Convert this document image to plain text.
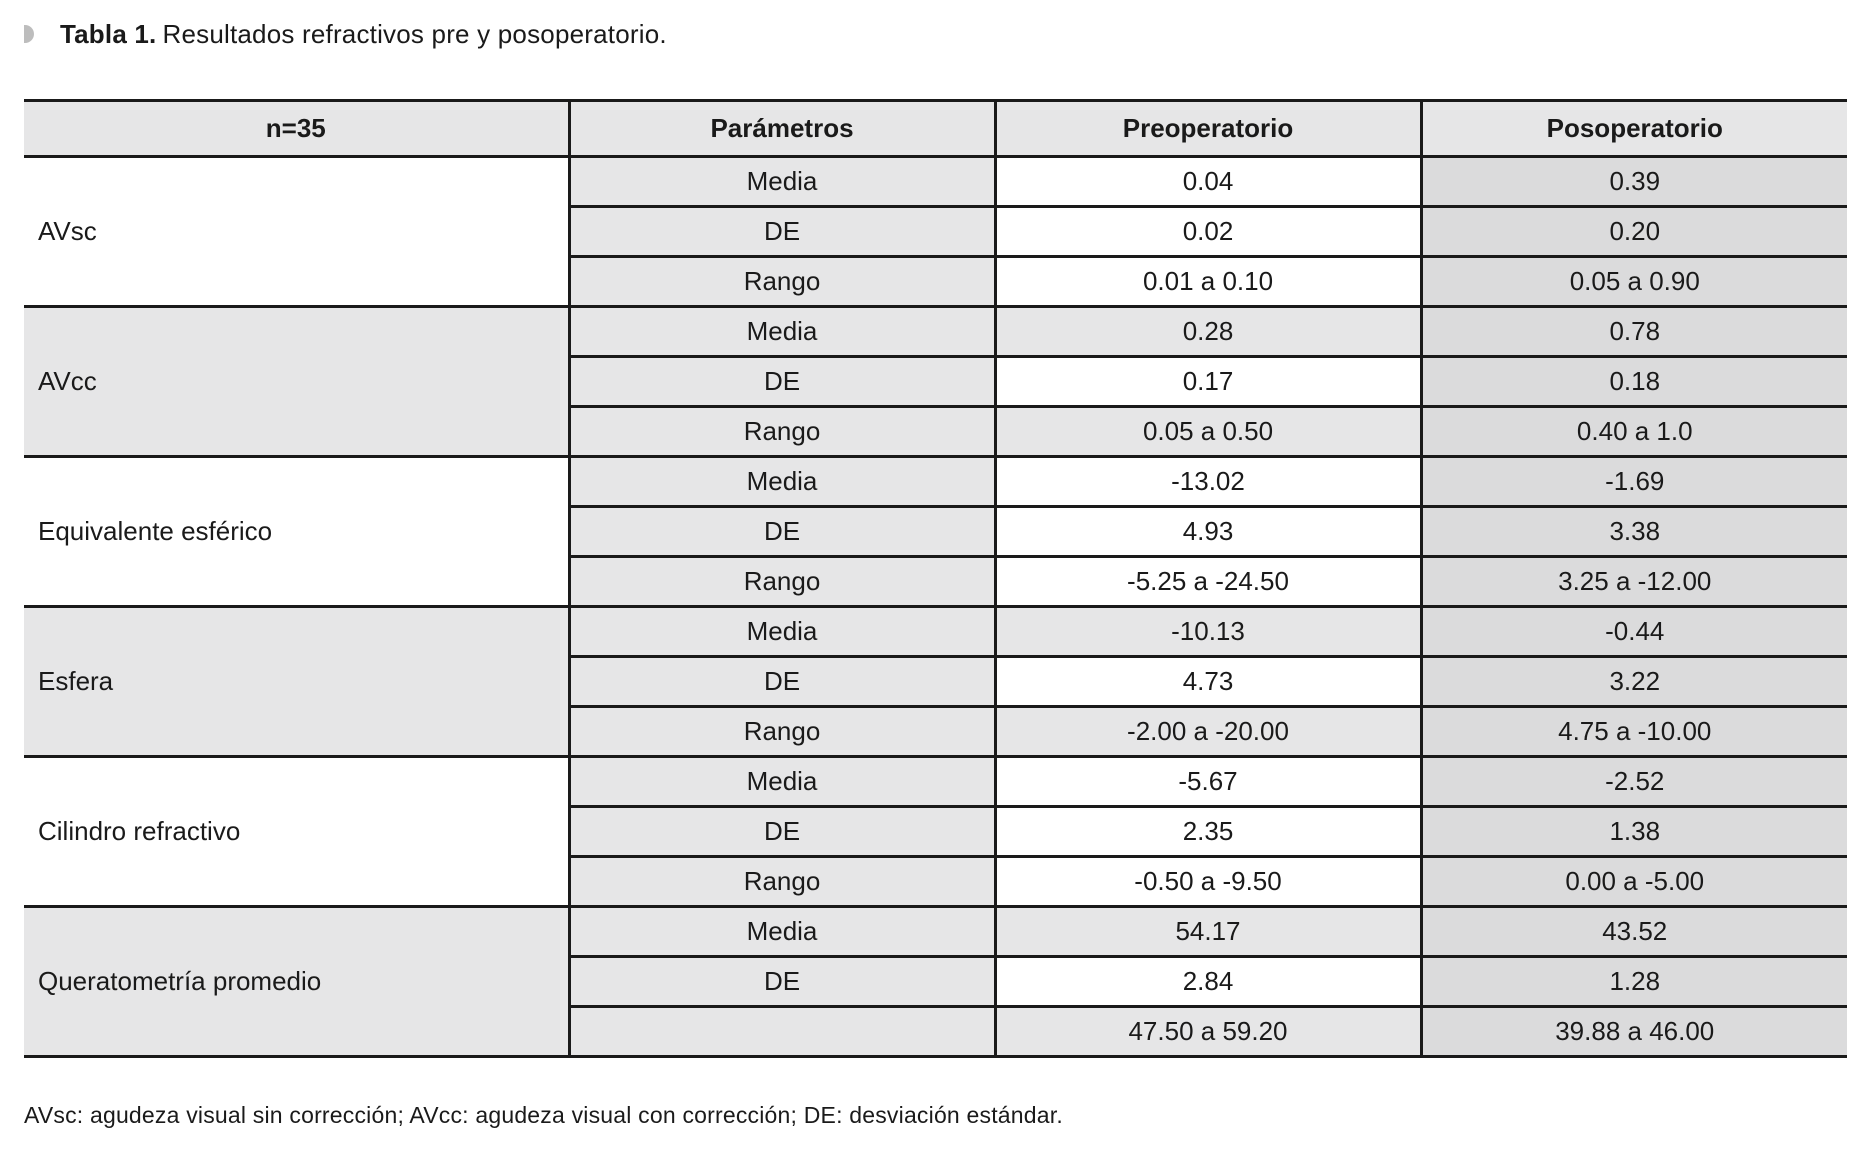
Tabla 1. Resultados refractivos pre y posoperatorio.
n=35	Parámetros	Preoperatorio	Posoperatorio
AVsc	Media	0.04	0.39
	DE	0.02	0.20
	Rango	0.01 a 0.10	0.05 a 0.90
AVcc	Media	0.28	0.78
	DE	0.17	0.18
	Rango	0.05 a 0.50	0.40 a 1.0
Equivalente esférico	Media	-13.02	-1.69
	DE	4.93	3.38
	Rango	-5.25 a -24.50	3.25 a -12.00
Esfera	Media	-10.13	-0.44
	DE	4.73	3.22
	Rango	-2.00 a -20.00	4.75 a -10.00
Cilindro refractivo	Media	-5.67	-2.52
	DE	2.35	1.38
	Rango	-0.50 a -9.50	0.00 a -5.00
Queratometría promedio	Media	54.17	43.52
	DE	2.84	1.28
		47.50 a 59.20	39.88 a 46.00
AVsc: agudeza visual sin corrección; AVcc: agudeza visual con corrección; DE: desviación estándar.
